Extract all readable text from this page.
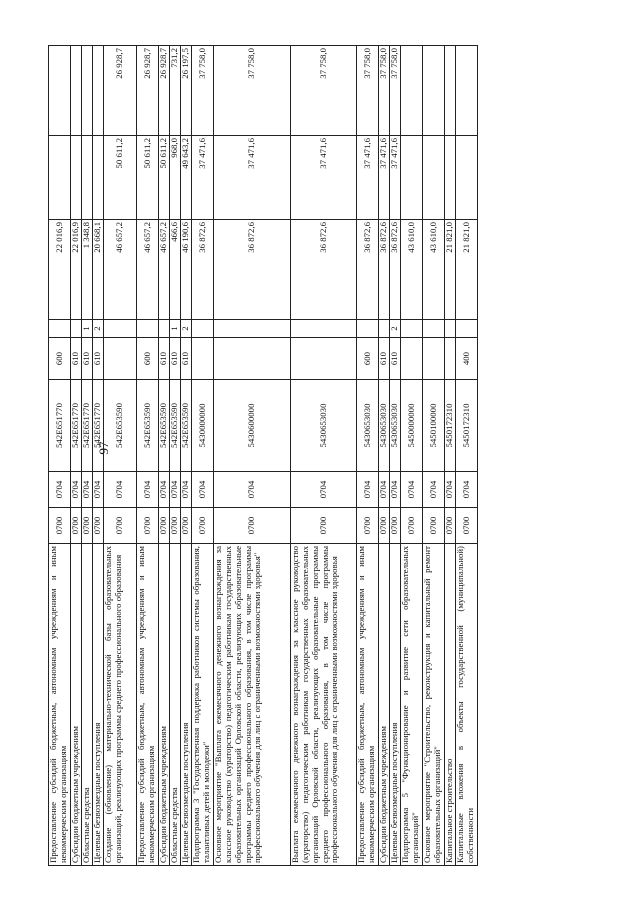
97
Предоставление субсидий бюджетным, автономным учреждениям и иным некоммерческим организациям	0700	0704	542Е651770	600		22 016,9		
Субсидии бюджетным учреждениям	0700	0704	542Е651770	610		22 016,9		
Областные средства	0700	0704	542Е651770	610	1	1 348,8		
Целевые безвозмездные поступления	0700	0704	542Е651770	610	2	20 668,1		
Создание (обновление) материально-технической базы образовательных организаций, реализующих программы среднего профессионального образования	0700	0704	542Е653590			46 657,2	50 611,2	26 928,7
Предоставление субсидий бюджетным, автономным учреждениям и иным некоммерческим организациям	0700	0704	542Е653590	600		46 657,2	50 611,2	26 928,7
Субсидии бюджетным учреждениям	0700	0704	542Е653590	610		46 657,2	50 611,2	26 928,7
Областные средства	0700	0704	542Е653590	610	1	466,6	968,0	731,2
Целевые безвозмездные поступления	0700	0704	542Е653590	610	2	46 190,6	49 643,2	26 197,5
Подпрограмма 3 "Государственная поддержка работников системы образования, талантливых детей и молодежи"	0700	0704	5430000000			36 872,6	37 471,6	37 758,0
Основное мероприятие "Выплата ежемесячного денежного вознаграждения за классное руководство (кураторство) педагогическим работникам государственных образовательных организаций Орловской области, реализующих образовательные программы среднего профессионального образования, в том числе программы профессионального обучения для лиц с ограниченными возможностями здоровья"	0700	0704	5430600000			36 872,6	37 471,6	37 758,0
Выплата ежемесячного денежного вознаграждения за классное руководство (кураторство) педагогическим работникам государственных образовательных организаций Орловской области, реализующих образовательные программы среднего профессионального образования, в том числе программы профессионального обучения для лиц с ограниченными возможностями здоровья	0700	0704	5430653030			36 872,6	37 471,6	37 758,0
Предоставление субсидий бюджетным, автономным учреждениям и иным некоммерческим организациям	0700	0704	5430653030	600		36 872,6	37 471,6	37 758,0
Субсидии бюджетным учреждениям	0700	0704	5430653030	610		36 872,6	37 471,6	37 758,0
Целевые безвозмездные поступления	0700	0704	5430653030	610	2	36 872,6	37 471,6	37 758,0
Подпрограмма 5 "Функционирование и развитие сети образовательных организаций"	0700	0704	5450000000			43 610,0		
Основное мероприятие "Строительство, реконструкция и капитальный ремонт образовательных организаций"	0700	0704	5450100000			43 610,0		
Капитальное строительство	0700	0704	5450172310			21 821,0		
Капитальные вложения в объекты государственной (муниципальной) собственности	0700	0704	5450172310	400		21 821,0		
